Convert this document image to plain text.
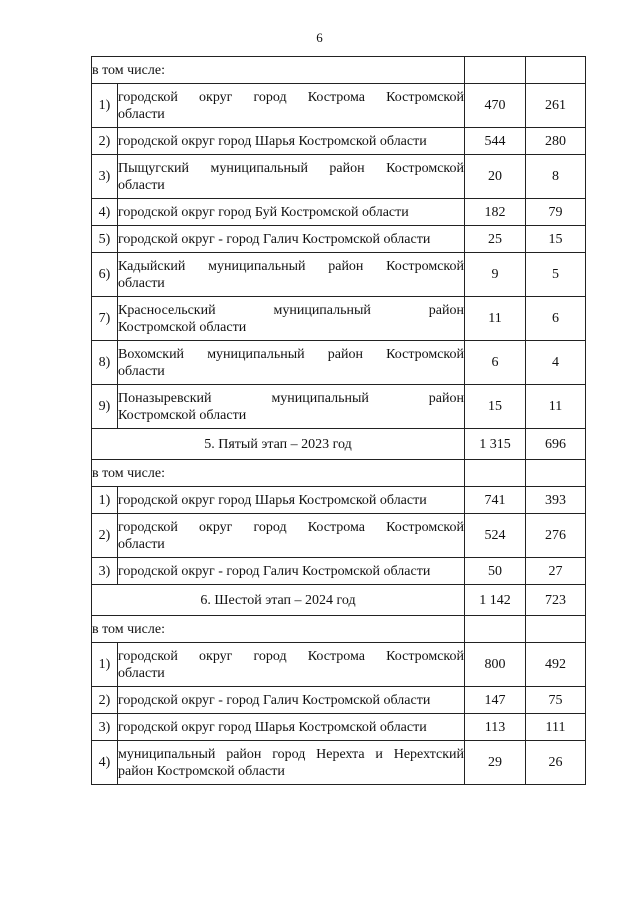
6
в том числе:			
1)	городской округ город Кострома Костромской
области	470	261
2)	городской округ город Шарья Костромской области	544	280
3)	Пыщугский муниципальный район Костромской
области	20	8
4)	городской округ город Буй Костромской области	182	79
5)	городской округ - город Галич Костромской области	25	15
6)	Кадыйский муниципальный район Костромской
области	9	5
7)	Красносельский муниципальный район
Костромской области	11	6
8)	Вохомский муниципальный район Костромской
области	6	4
9)	Поназыревский муниципальный район
Костромской области	15	11
5. Пятый этап – 2023 год		1 315	696
в том числе:			
1)	городской округ город Шарья Костромской области	741	393
2)	городской округ город Кострома Костромской
области	524	276
3)	городской округ - город Галич Костромской области	50	27
6. Шестой этап – 2024 год		1 142	723
в том числе:			
1)	городской округ город Кострома Костромской
области	800	492
2)	городской округ - город Галич Костромской области	147	75
3)	городской округ город Шарья Костромской области	113	111
4)	муниципальный район город Нерехта и Нерехтский
район Костромской области	29	26
